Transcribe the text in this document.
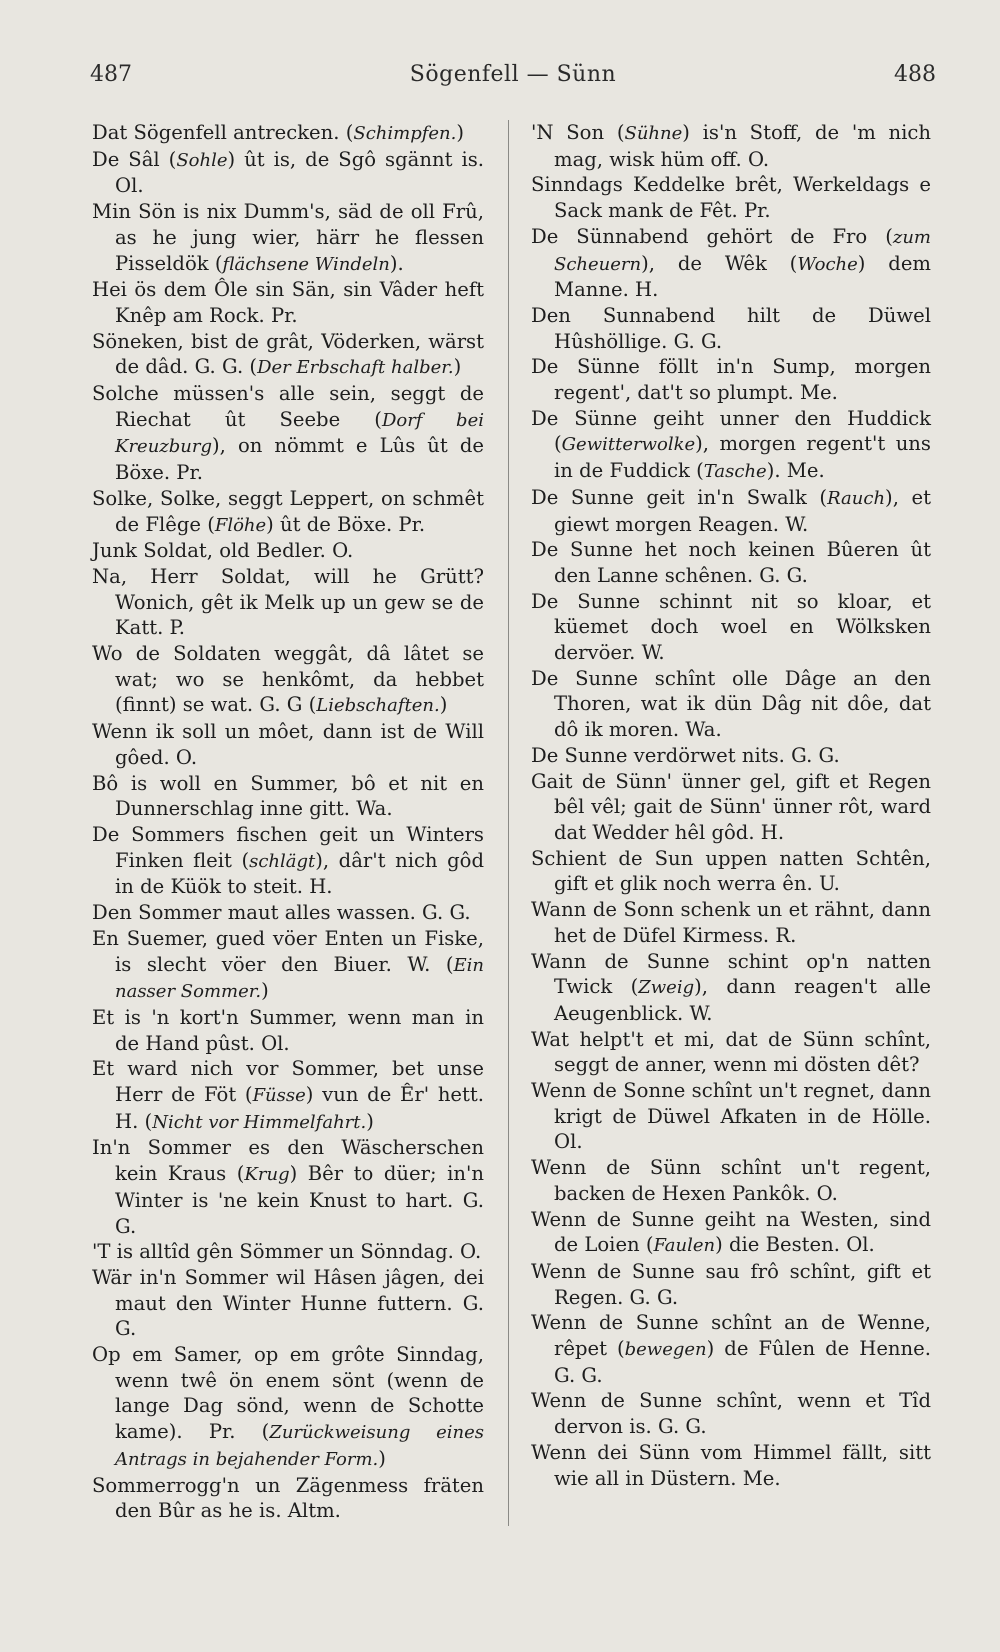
487	Sögenfell — Sünn	488

Dat Sögenfell antrecken. (Schimpfen.)

De Sâl (Sohle) ût is, de Sgô sgännt is. Ol.

Min Sön is nix Dumm's, säd de oll Frû, as he jung wier, härr he flessen Pisseldök (flächsene Windeln).

Hei ös dem Ôle sin Sän, sin Vâder heft Knêp am Rock. Pr.

Söneken, bist de grât, Vöderken, wärst de dâd. G. G. (Der Erbschaft halber.)

Solche müssen's alle sein, seggt de Riechat ût Seebe (Dorf bei Kreuzburg), on nömmt e Lûs ût de Böxe. Pr.

Solke, Solke, seggt Leppert, on schmêt de Flêge (Flöhe) ût de Böxe. Pr.

Junk Soldat, old Bedler. O.

Na, Herr Soldat, will he Grütt? Wonich, gêt ik Melk up un gew se de Katt. P.

Wo de Soldaten weggât, dâ lâtet se wat; wo se henkômt, da hebbet (finnt) se wat. G. G (Liebschaften.)

Wenn ik soll un môet, dann ist de Will gôed. O.

Bô is woll en Summer, bô et nit en Dunnerschlag inne gitt. Wa.

De Sommers fischen geit un Winters Finken fleit (schlägt), dâr't nich gôd in de Küök to steit. H.

Den Sommer maut alles wassen. G. G.

En Suemer, gued vöer Enten un Fiske, is slecht vöer den Biuer. W. (Ein nasser Sommer.)

Et is 'n kort'n Summer, wenn man in de Hand pûst. Ol.

Et ward nich vor Sommer, bet unse Herr de Föt (Füsse) vun de Êr' hett. H. (Nicht vor Himmelfahrt.)

In'n Sommer es den Wäscherschen kein Kraus (Krug) Bêr to düer; in'n Winter is 'ne kein Knust to hart. G. G.

'T is alltîd gên Sömmer un Sönndag. O.

Wär in'n Sommer wil Hâsen jâgen, dei maut den Winter Hunne futtern. G. G.

Op em Samer, op em grôte Sinndag, wenn twê ön enem sönt (wenn de lange Dag sönd, wenn de Schotte kame). Pr. (Zurückweisung eines Antrags in bejahender Form.)

Sommerrogg'n un Zägenmess fräten den Bûr as he is. Altm.

'N Son (Sühne) is'n Stoff, de 'm nich mag, wisk hüm off. O.

Sinndags Keddelke brêt, Werkeldags e Sack mank de Fêt. Pr.

De Sünnabend gehört de Fro (zum Scheuern), de Wêk (Woche) dem Manne. H.

Den Sunnabend hilt de Düwel Hûshöllige. G. G.

De Sünne föllt in'n Sump, morgen regent', dat't so plumpt. Me.

De Sünne geiht unner den Huddick (Gewitterwolke), morgen regent't uns in de Fuddick (Tasche). Me.

De Sunne geit in'n Swalk (Rauch), et giewt morgen Reagen. W.

De Sunne het noch keinen Bûeren ût den Lanne schênen. G. G.

De Sunne schinnt nit so kloar, et küemet doch woel en Wölksken dervöer. W.

De Sunne schînt olle Dâge an den Thoren, wat ik dün Dâg nit dôe, dat dô ik moren. Wa.

De Sunne verdörwet nits. G. G.

Gait de Sünn' ünner gel, gift et Regen bêl vêl; gait de Sünn' ünner rôt, ward dat Wedder hêl gôd. H.

Schient de Sun uppen natten Schtên, gift et glik noch werra ên. U.

Wann de Sonn schenk un et rähnt, dann het de Düfel Kirmess. R.

Wann de Sunne schint op'n natten Twick (Zweig), dann reagen't alle Aeugenblick. W.

Wat helpt't et mi, dat de Sünn schînt, seggt de anner, wenn mi dösten dêt?

Wenn de Sonne schînt un't regnet, dann krigt de Düwel Afkaten in de Hölle. Ol.

Wenn de Sünn schînt un't regent, backen de Hexen Pankôk. O.

Wenn de Sunne geiht na Westen, sind de Loien (Faulen) die Besten. Ol.

Wenn de Sunne sau frô schînt, gift et Regen. G. G.

Wenn de Sunne schînt an de Wenne, rêpet (bewegen) de Fûlen de Henne. G. G.

Wenn de Sunne schînt, wenn et Tîd dervon is. G. G.

Wenn dei Sünn vom Himmel fällt, sitt wie all in Düstern. Me.
